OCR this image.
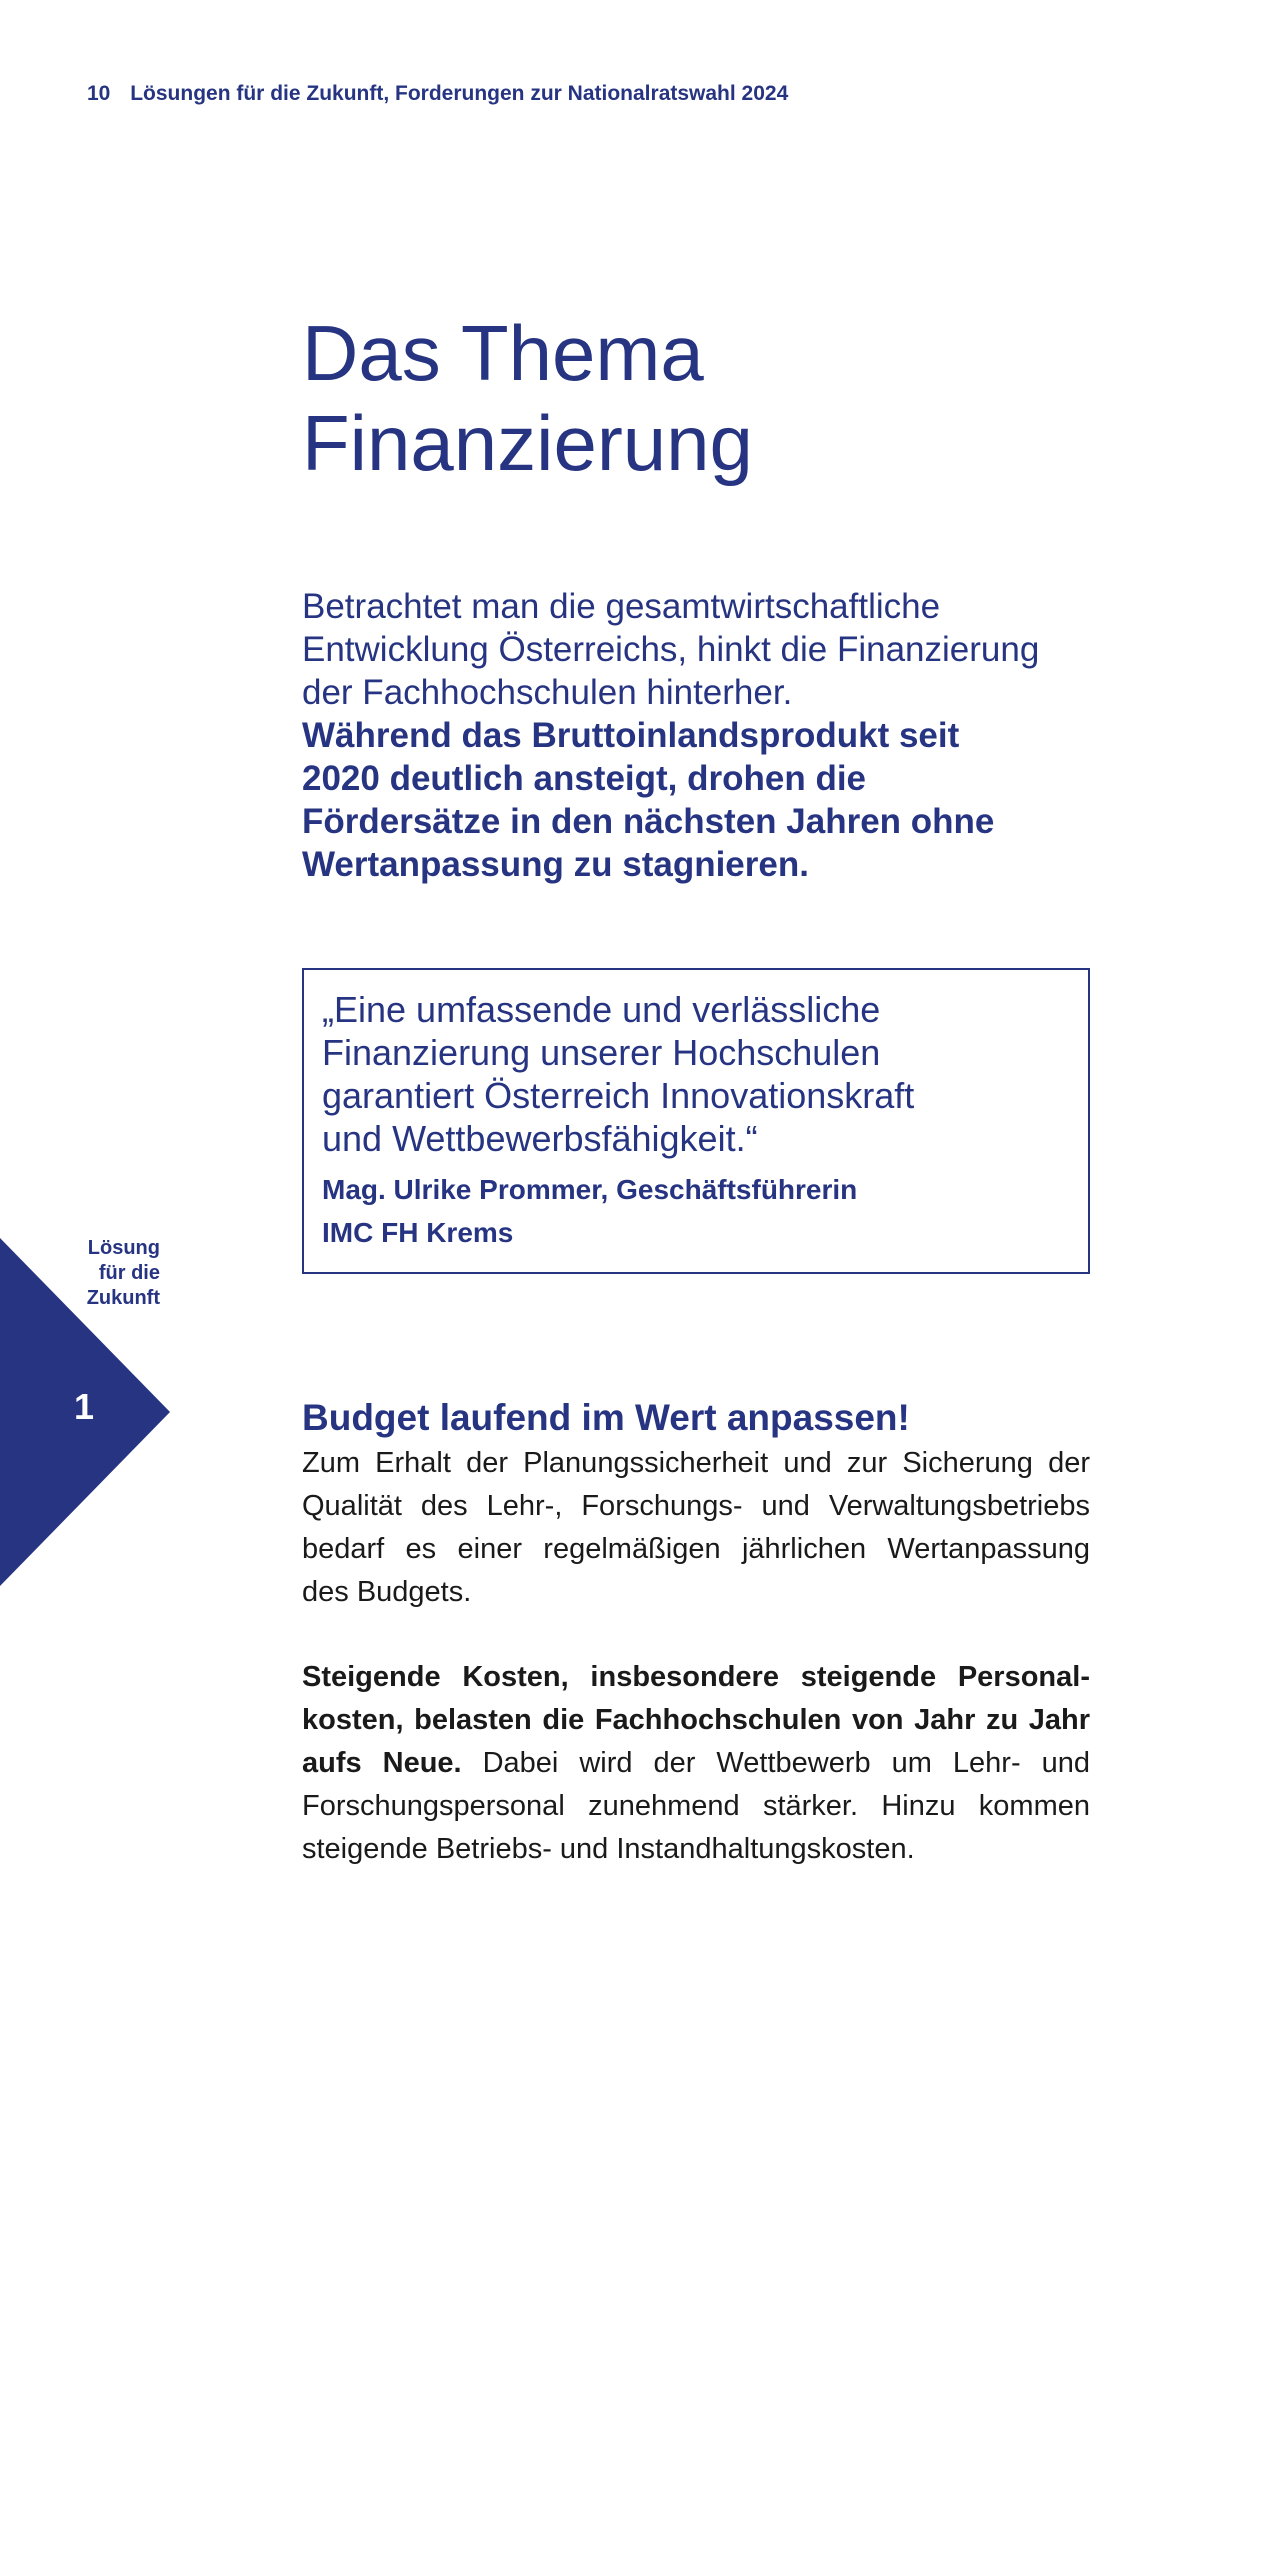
10 Lösungen für die Zukunft, Forderungen zur Nationalratswahl 2024
Das Thema
Finanzierung
Betrachtet man die gesamtwirtschaftliche
Entwicklung Österreichs, hinkt die Finanzierung
der Fachhochschulen hinterher.
Während das Bruttoinlandsprodukt seit
2020 deutlich ansteigt, drohen die
Fördersätze in den nächsten Jahren ohne
Wertanpassung zu stagnieren.

„Eine umfassende und verlässliche
Finanzierung unserer Hochschulen
garantiert Österreich Innovationskraft
und Wettbewerbsfähigkeit.“

Mag. Ulrike Prommer, Geschäftsführerin
IMC FH Krems
Lösung
für die
Zukunft
1	Budget laufend im Wert anpassen!

Zum Erhalt der Planungssicherheit und zur Sicherung der
Qualität des Lehr-, Forschungs- und Verwaltungsbetriebs
bedarf es einer regelmäßigen jährlichen Wertanpassung
des Budgets.

Steigende Kosten, insbesondere steigende Personal-
kosten, belasten die Fachhochschulen von Jahr zu Jahr
aufs Neue. Dabei wird der Wettbewerb um Lehr- und
Forschungspersonal zunehmend stärker. Hinzu kommen
steigende Betriebs- und Instandhaltungskosten.
